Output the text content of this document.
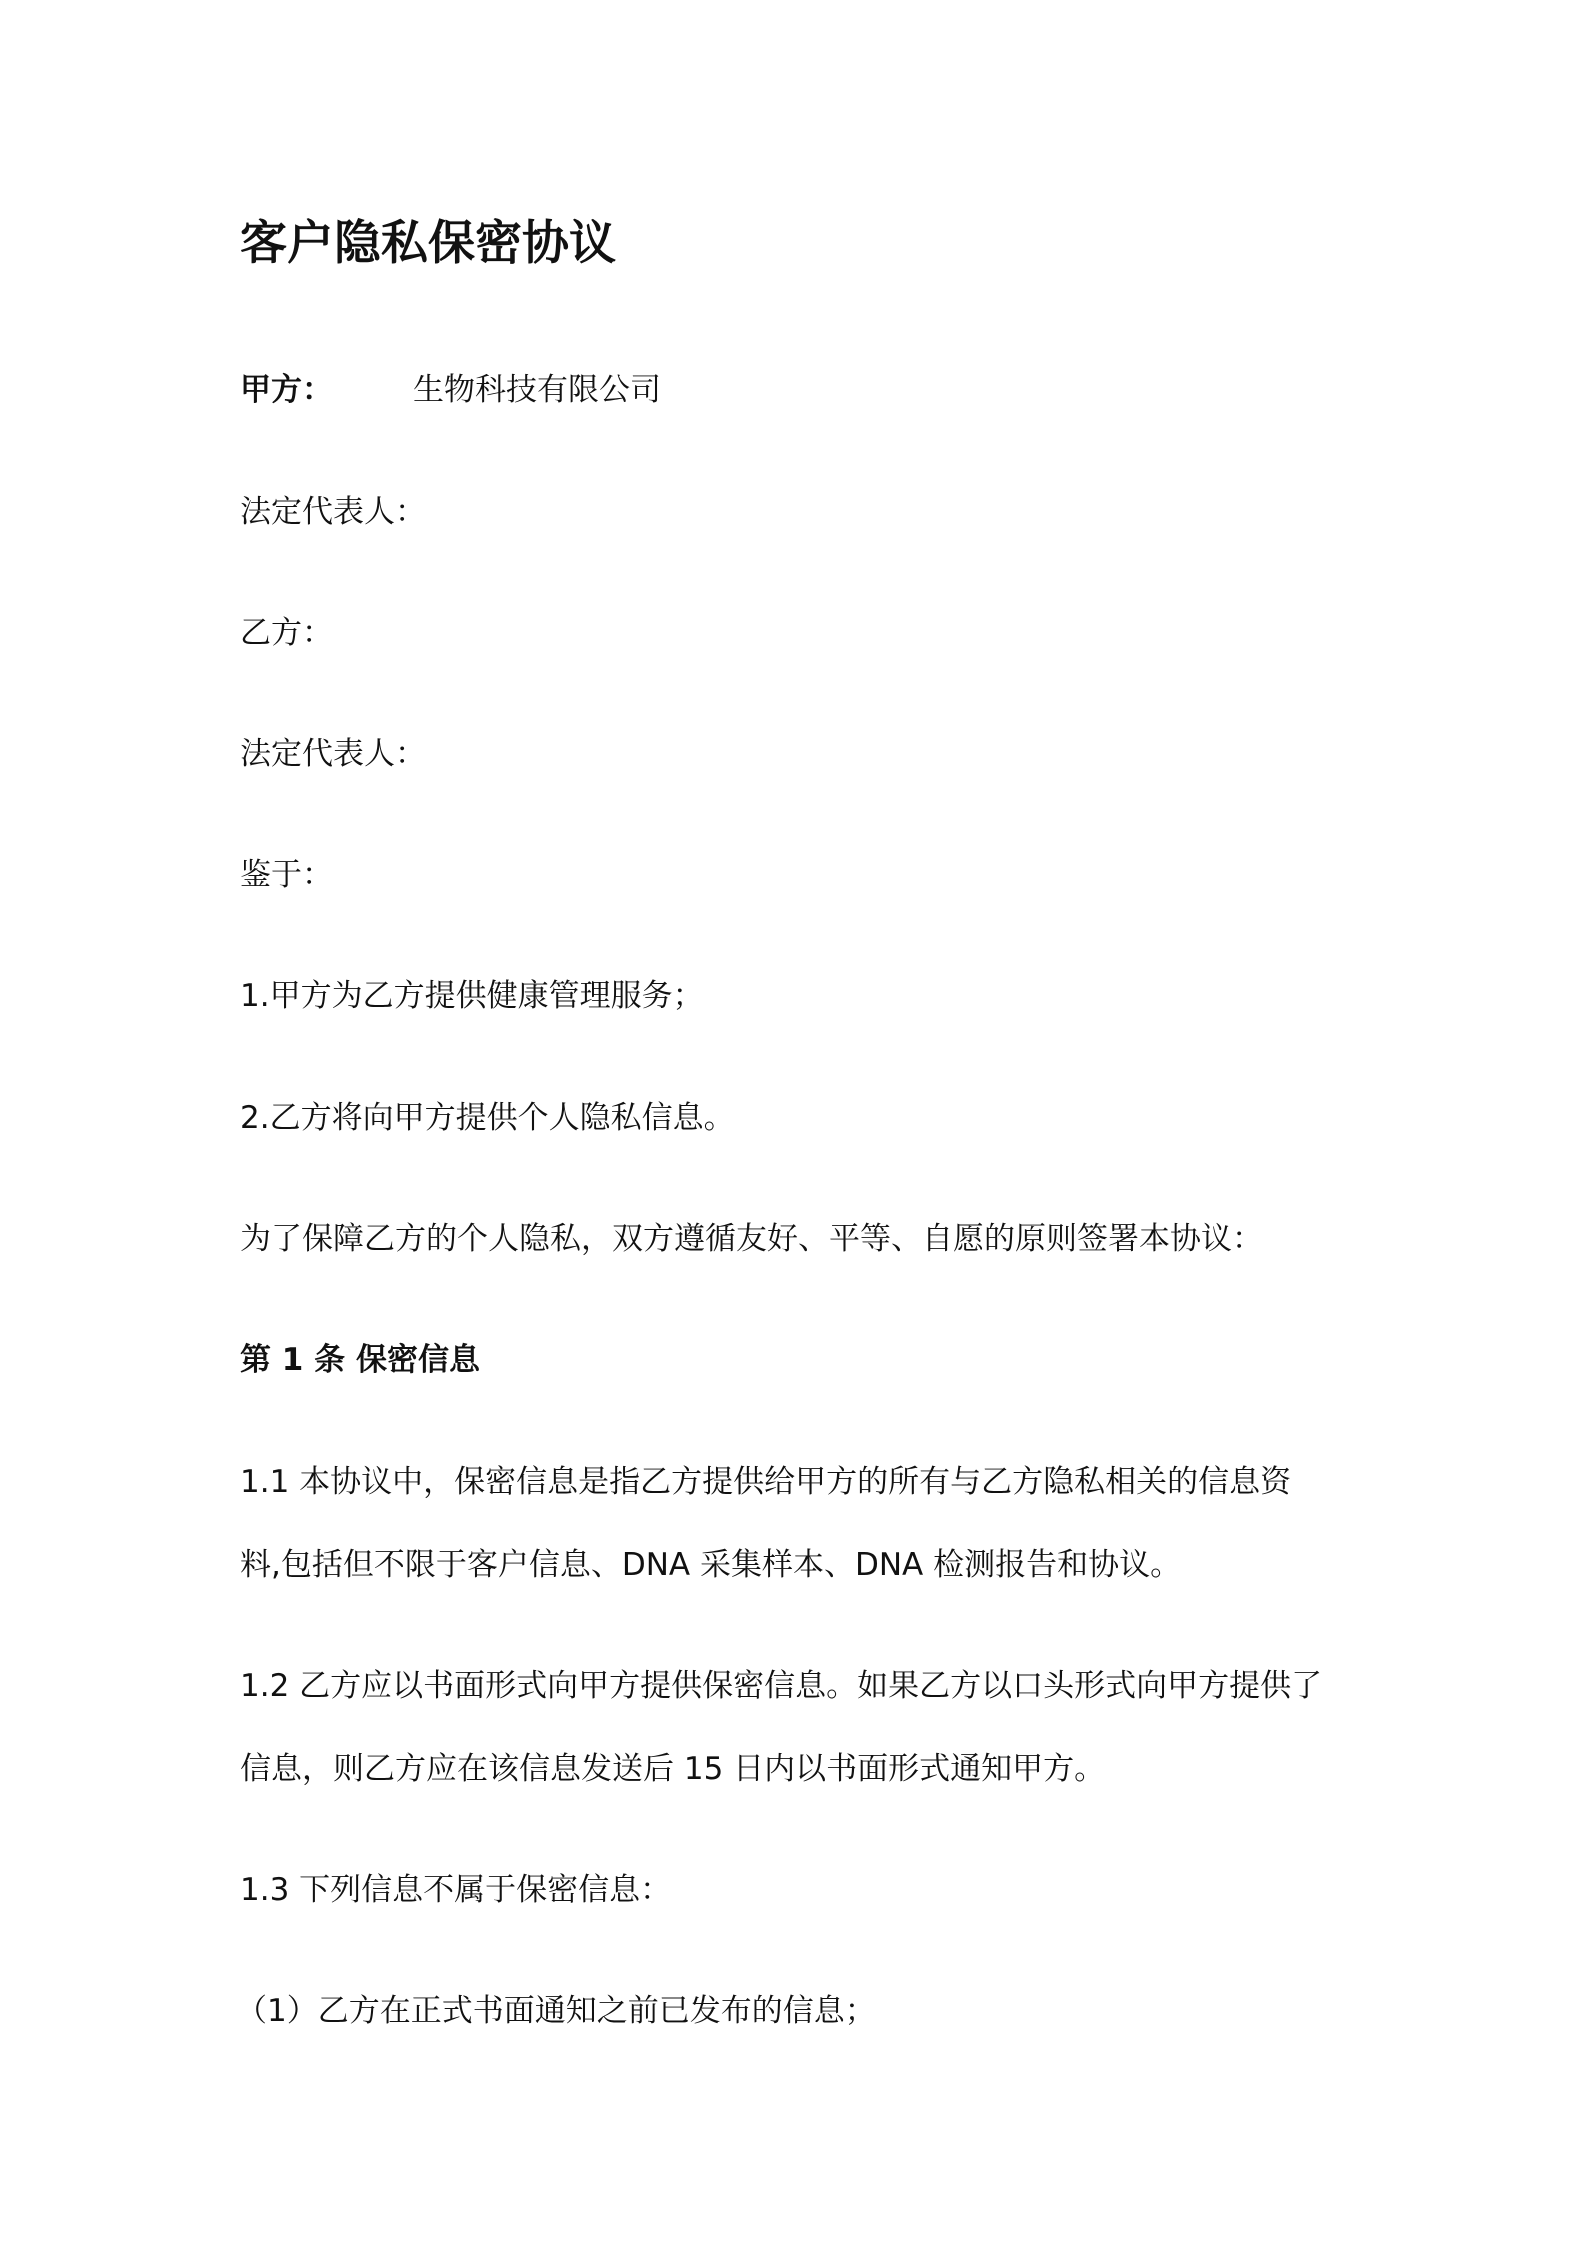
客户隐私保密协议
甲方：	生物科技有限公司
法定代表人：
乙方：
法定代表人：
鉴于：
1.甲方为乙方提供健康管理服务；
2.乙方将向甲方提供个人隐私信息。
为了保障乙方的个人隐私，双方遵循友好、平等、自愿的原则签署本协议：
第 1 条 保密信息
1.1 本协议中，保密信息是指乙方提供给甲方的所有与乙方隐私相关的信息资
料,包括但不限于客户信息、DNA 采集样本、DNA 检测报告和协议。
1.2 乙方应以书面形式向甲方提供保密信息。如果乙方以口头形式向甲方提供了
信息，则乙方应在该信息发送后 15 日内以书面形式通知甲方。
1.3 下列信息不属于保密信息：
（1）乙方在正式书面通知之前已发布的信息；
